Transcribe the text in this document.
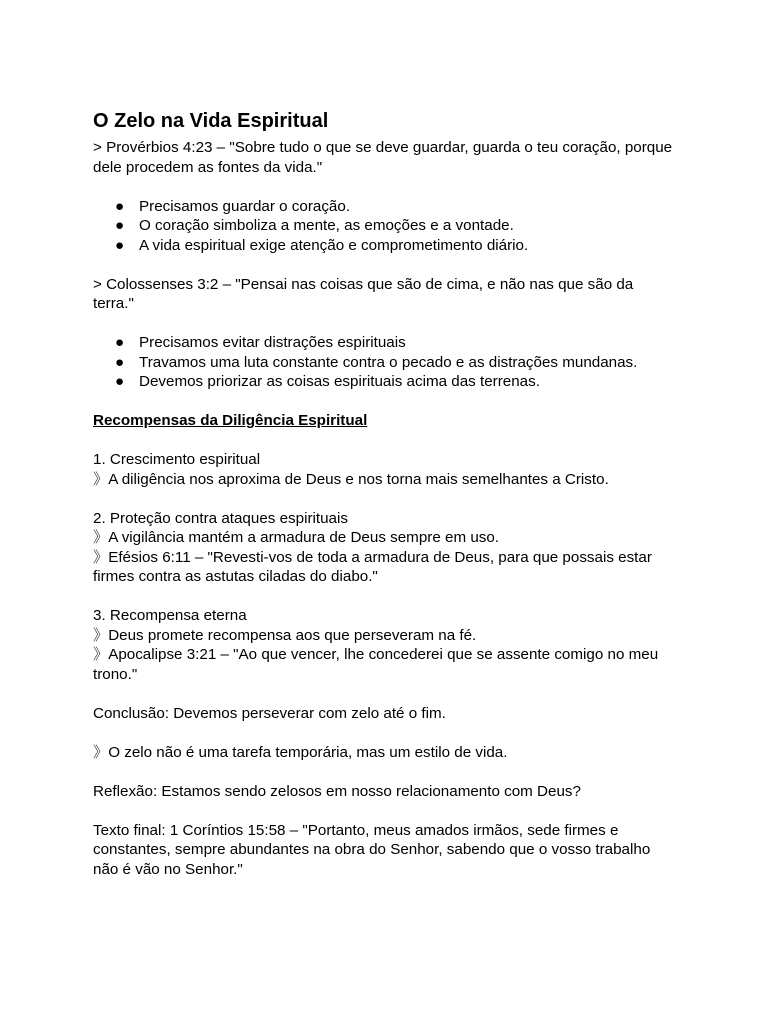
O Zelo na Vida Espiritual

> Provérbios 4:23 – "Sobre tudo o que se deve guardar, guarda o teu coração, porque dele procedem as fontes da vida."

● Precisamos guardar o coração.
● O coração simboliza a mente, as emoções e a vontade.
● A vida espiritual exige atenção e comprometimento diário.

> Colossenses 3:2 – "Pensai nas coisas que são de cima, e não nas que são da terra."

● Precisamos evitar distrações espirituais
● Travamos uma luta constante contra o pecado e as distrações mundanas.
● Devemos priorizar as coisas espirituais acima das terrenas.

Recompensas da Diligência Espiritual

1. Crescimento espiritual

》A diligência nos aproxima de Deus e nos torna mais semelhantes a Cristo.

2. Proteção contra ataques espirituais

》A vigilância mantém a armadura de Deus sempre em uso.

》Efésios 6:11 – "Revesti-vos de toda a armadura de Deus, para que possais estar firmes contra as astutas ciladas do diabo."

3. Recompensa eterna

》Deus promete recompensa aos que perseveram na fé.

》Apocalipse 3:21 – "Ao que vencer, lhe concederei que se assente comigo no meu trono."

Conclusão: Devemos perseverar com zelo até o fim.

》O zelo não é uma tarefa temporária, mas um estilo de vida.

Reflexão: Estamos sendo zelosos em nosso relacionamento com Deus?

Texto final: 1 Coríntios 15:58 – "Portanto, meus amados irmãos, sede firmes e constantes, sempre abundantes na obra do Senhor, sabendo que o vosso trabalho não é vão no Senhor."
